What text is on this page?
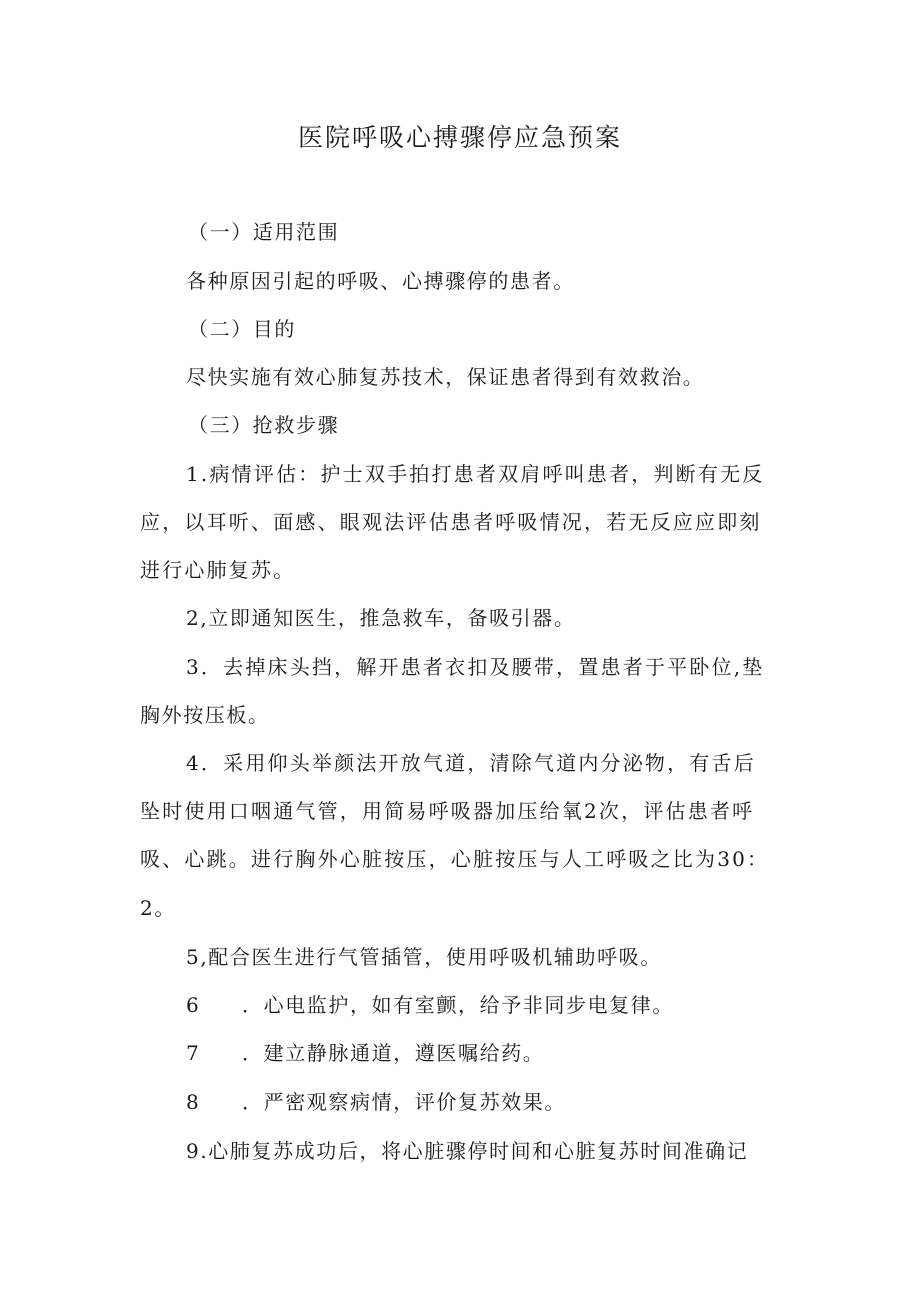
医院呼吸心搏骤停应急预案
（一）适用范围
各种原因引起的呼吸、心搏骤停的患者。
（二）目的
尽快实施有效心肺复苏技术，保证患者得到有效救治。
（三）抢救步骤
1.病情评估：护士双手拍打患者双肩呼叫患者，判断有无反
应，以耳听、面感、眼观法评估患者呼吸情况，若无反应应即刻
进行心肺复苏。
2,立即通知医生，推急救车，备吸引器。
3．去掉床头挡，解开患者衣扣及腰带，置患者于平卧位,垫
胸外按压板。
4．采用仰头举颜法开放气道，清除气道内分泌物，有舌后
坠时使用口咽通气管，用简易呼吸器加压给氧2次，评估患者呼
吸、心跳。进行胸外心脏按压，心脏按压与人工呼吸之比为30：
2。
5,配合医生进行气管插管，使用呼吸机辅助呼吸。
6 ．心电监护，如有室颤，给予非同步电复律。
7 ．建立静脉通道，遵医嘱给药。
8 ．严密观察病情，评价复苏效果。
9.心肺复苏成功后，将心脏骤停时间和心脏复苏时间准确记
